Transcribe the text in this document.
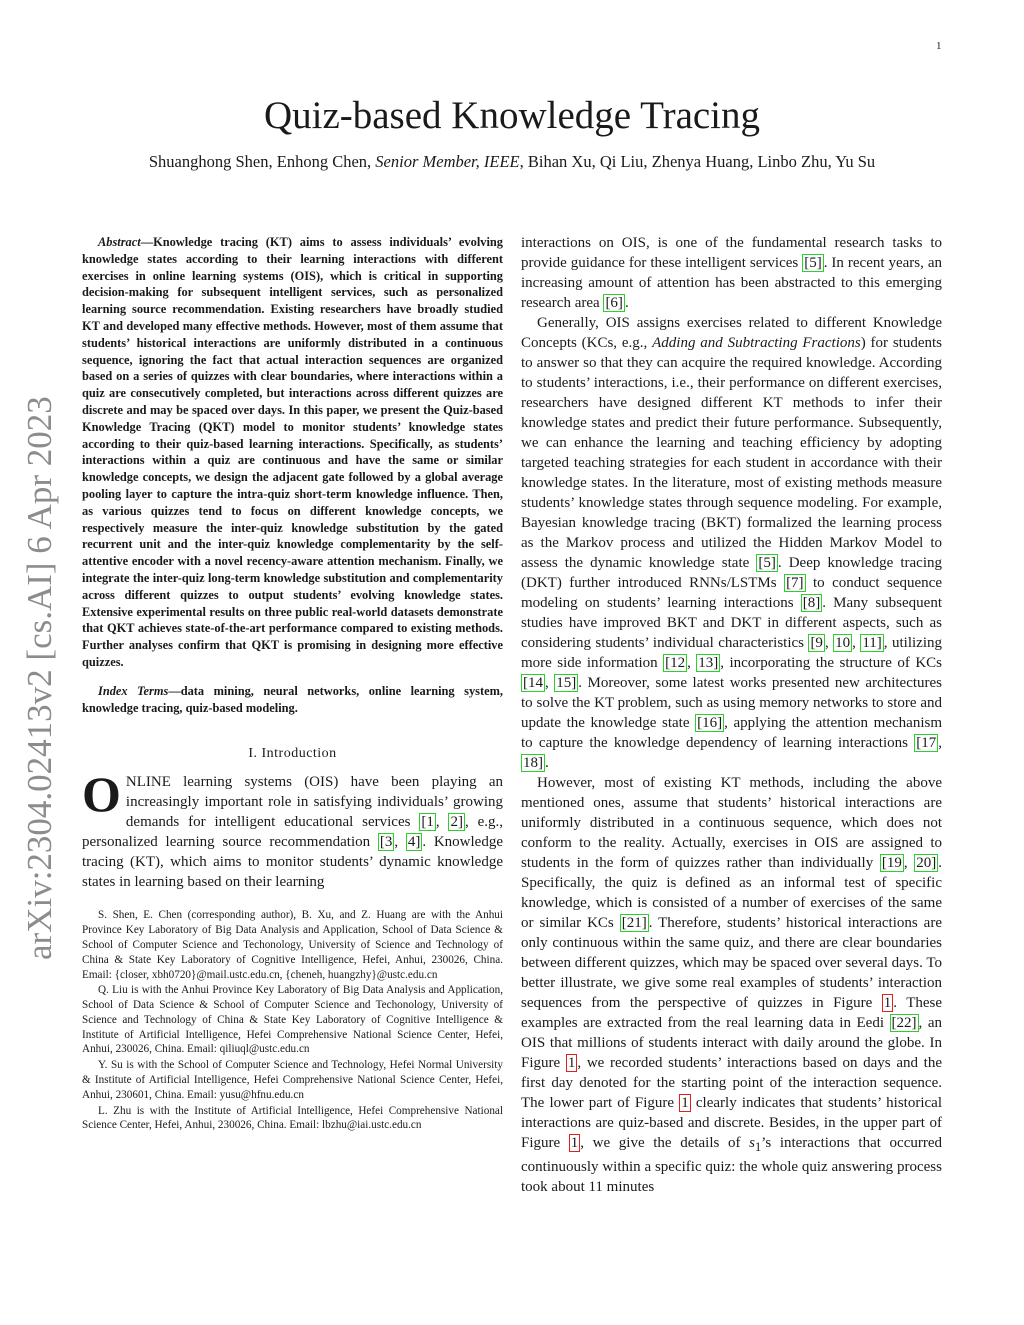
1
arXiv:2304.02413v2 [cs.AI] 6 Apr 2023
Quiz-based Knowledge Tracing
Shuanghong Shen, Enhong Chen, Senior Member, IEEE, Bihan Xu, Qi Liu, Zhenya Huang, Linbo Zhu, Yu Su

Abstract—Knowledge tracing (KT) aims to assess individuals’ evolving knowledge states according to their learning interactions with different exercises in online learning systems (OIS), which is critical in supporting decision-making for subsequent intelligent services, such as personalized learning source recommendation. Existing researchers have broadly studied KT and developed many effective methods. However, most of them assume that students’ historical interactions are uniformly distributed in a continuous sequence, ignoring the fact that actual interaction sequences are organized based on a series of quizzes with clear boundaries, where interactions within a quiz are consecutively completed, but interactions across different quizzes are discrete and may be spaced over days. In this paper, we present the Quiz-based Knowledge Tracing (QKT) model to monitor students’ knowledge states according to their quiz-based learning interactions. Specifically, as students’ interactions within a quiz are continuous and have the same or similar knowledge concepts, we design the adjacent gate followed by a global average pooling layer to capture the intra-quiz short-term knowledge influence. Then, as various quizzes tend to focus on different knowledge concepts, we respectively measure the inter-quiz knowledge substitution by the gated recurrent unit and the inter-quiz knowledge complementarity by the self-attentive encoder with a novel recency-aware attention mechanism. Finally, we integrate the inter-quiz long-term knowledge substitution and complementarity across different quizzes to output students’ evolving knowledge states. Extensive experimental results on three public real-world datasets demonstrate that QKT achieves state-of-the-art performance compared to existing methods. Further analyses confirm that QKT is promising in designing more effective quizzes.

Index Terms—data mining, neural networks, online learning system, knowledge tracing, quiz-based modeling.

I. Introduction

ONLINE learning systems (OIS) have been playing an increasingly important role in satisfying individuals’ growing demands for intelligent educational services [1 , 2] , e.g., personalized learning source recommendation [3 , 4] . Knowledge tracing (KT), which aims to monitor students’ dynamic knowledge states in learning based on their learning

S. Shen, E. Chen (corresponding author), B. Xu, and Z. Huang are with the Anhui Province Key Laboratory of Big Data Analysis and Application, School of Data Science & School of Computer Science and Techonology, University of Science and Technology of China & State Key Laboratory of Cognitive Intelligence, Hefei, Anhui, 230026, China. Email: {closer, xbh0720}@mail.ustc.edu.cn, {cheneh, huangzhy}@ustc.edu.cn

Q. Liu is with the Anhui Province Key Laboratory of Big Data Analysis and Application, School of Data Science & School of Computer Science and Techonology, University of Science and Technology of China & State Key Laboratory of Cognitive Intelligence & Institute of Artificial Intelligence, Hefei Comprehensive National Science Center, Hefei, Anhui, 230026, China. Email: qiliuql@ustc.edu.cn

Y. Su is with the School of Computer Science and Technology, Hefei Normal University & Institute of Artificial Intelligence, Hefei Comprehensive National Science Center, Hefei, Anhui, 230601, China. Email: yusu@hfnu.edu.cn

L. Zhu is with the Institute of Artificial Intelligence, Hefei Comprehensive National Science Center, Hefei, Anhui, 230026, China. Email: lbzhu@iai.ustc.edu.cn

interactions on OIS, is one of the fundamental research tasks to provide guidance for these intelligent services [5] . In recent years, an increasing amount of attention has been abstracted to this emerging research area [6] .

Generally, OIS assigns exercises related to different Knowledge Concepts (KCs, e.g., Adding and Subtracting Fractions) for students to answer so that they can acquire the required knowledge. According to students’ interactions, i.e., their performance on different exercises, researchers have designed different KT methods to infer their knowledge states and predict their future performance. Subsequently, we can enhance the learning and teaching efficiency by adopting targeted teaching strategies for each student in accordance with their knowledge states. In the literature, most of existing methods measure students’ knowledge states through sequence modeling. For example, Bayesian knowledge tracing (BKT) formalized the learning process as the Markov process and utilized the Hidden Markov Model to assess the dynamic knowledge state [5] . Deep knowledge tracing (DKT) further introduced RNNs/LSTMs [7] to conduct sequence modeling on students’ learning interactions [8] . Many subsequent studies have improved BKT and DKT in different aspects, such as considering students’ individual characteristics [9 , 10 , 11] , utilizing more side information [12 , 13] , incorporating the structure of KCs [14 , 15] . Moreover, some latest works presented new architectures to solve the KT problem, such as using memory networks to store and update the knowledge state [16] , applying the attention mechanism to capture the knowledge dependency of learning interactions [17 , 18] .

However, most of existing KT methods, including the above mentioned ones, assume that students’ historical interactions are uniformly distributed in a continuous sequence, which does not conform to the reality. Actually, exercises in OIS are assigned to students in the form of quizzes rather than individually [19 , 20] . Specifically, the quiz is defined as an informal test of specific knowledge, which is consisted of a number of exercises of the same or similar KCs [21] . Therefore, students’ historical interactions are only continuous within the same quiz, and there are clear boundaries between different quizzes, which may be spaced over several days. To better illustrate, we give some real examples of students’ interaction sequences from the perspective of quizzes in Figure 1 . These examples are extracted from the real learning data in Eedi [22] , an OIS that millions of students interact with daily around the globe. In Figure 1 , we recorded students’ interactions based on days and the first day denoted for the starting point of the interaction sequence. The lower part of Figure 1 clearly indicates that students’ historical interactions are quiz-based and discrete. Besides, in the upper part of Figure 1 , we give the details of $s_1’s$ interactions that occurred continuously within a specific quiz: the whole quiz answering process took about 11 minutes
